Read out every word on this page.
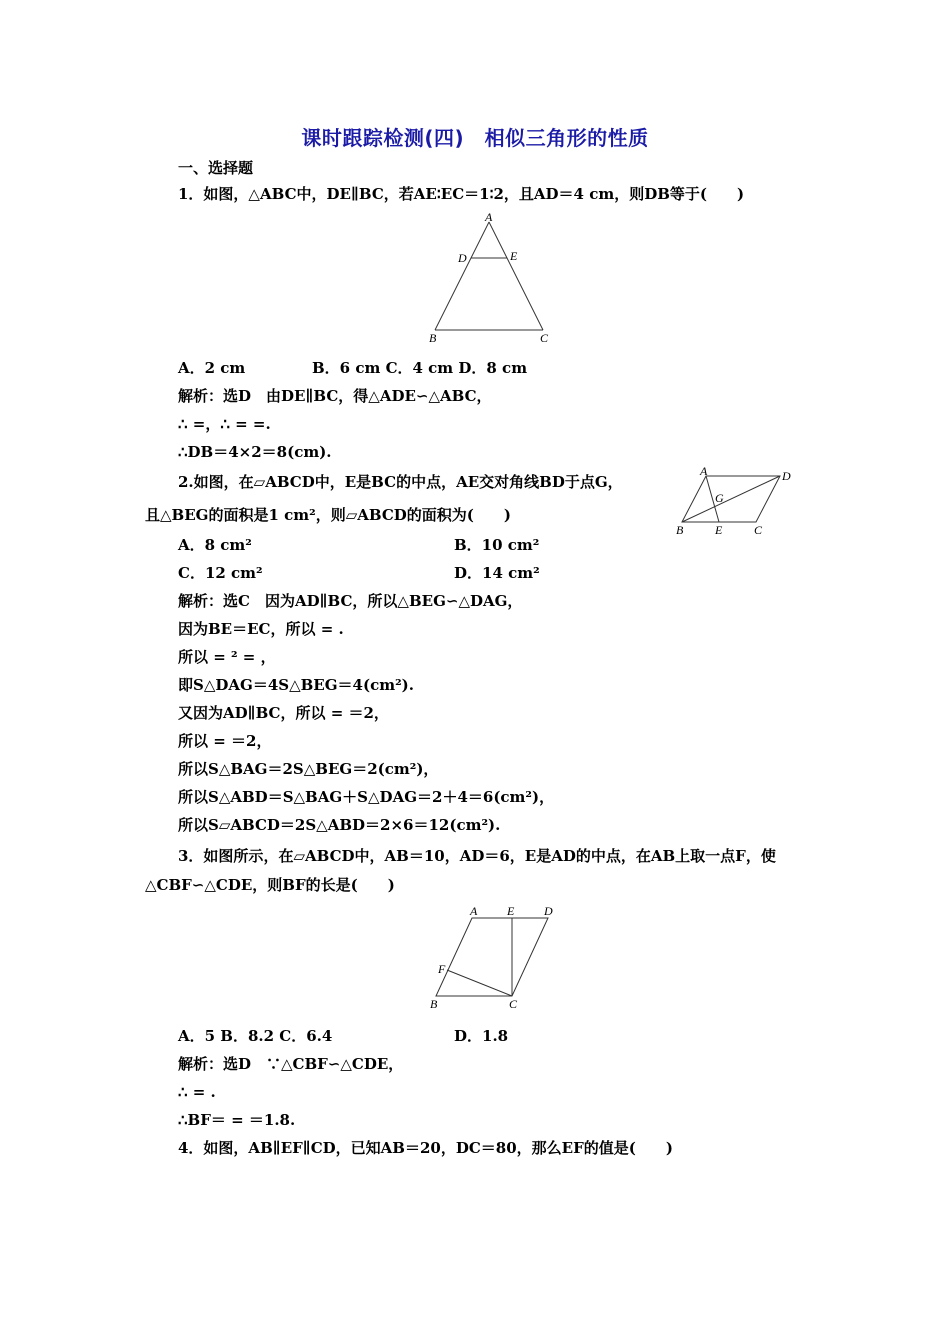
课时跟踪检测(四)　相似三角形的性质
一、选择题
1．如图，△ABC中，DE∥BC，若AE∶EC＝1∶2，且AD＝4 cm，则DB等于(　　)
A
D	E
B	C
A．2 cm	B．6 cm C．4 cm D．8 cm
解析：选D　由DE∥BC，得△ADE∽△ABC，
∴ =，∴ = =.
∴DB＝4×2＝8(cm).
2.如图，在▱ABCD中，E是BC的中点，AE交对角线BD于点G，
且△BEG的面积是1 cm²，则▱ABCD的面积为(　　)
A	D
G
B	E	C
A．8 cm²	B．10 cm²
C．12 cm²	D．14 cm²
解析：选C　因为AD∥BC，所以△BEG∽△DAG，
因为BE＝EC，所以 = .
所以 = ² = ，
即S△DAG＝4S△BEG＝4(cm²).
又因为AD∥BC，所以 = ＝2，
所以 = ＝2，
所以S△BAG＝2S△BEG＝2(cm²)，
所以S△ABD＝S△BAG＋S△DAG＝2＋4＝6(cm²)，
所以S▱ABCD＝2S△ABD＝2×6＝12(cm²).
3．如图所示，在▱ABCD中，AB＝10，AD＝6，E是AD的中点，在AB上取一点F，使
△CBF∽△CDE，则BF的长是(　　)
A E D
F
B	C
A．5 B．8.2 C．6.4	D．1.8
解析：选D　∵△CBF∽△CDE，
∴ = .
∴BF＝ = ＝1.8.
4．如图，AB∥EF∥CD，已知AB＝20，DC＝80，那么EF的值是(　　)
